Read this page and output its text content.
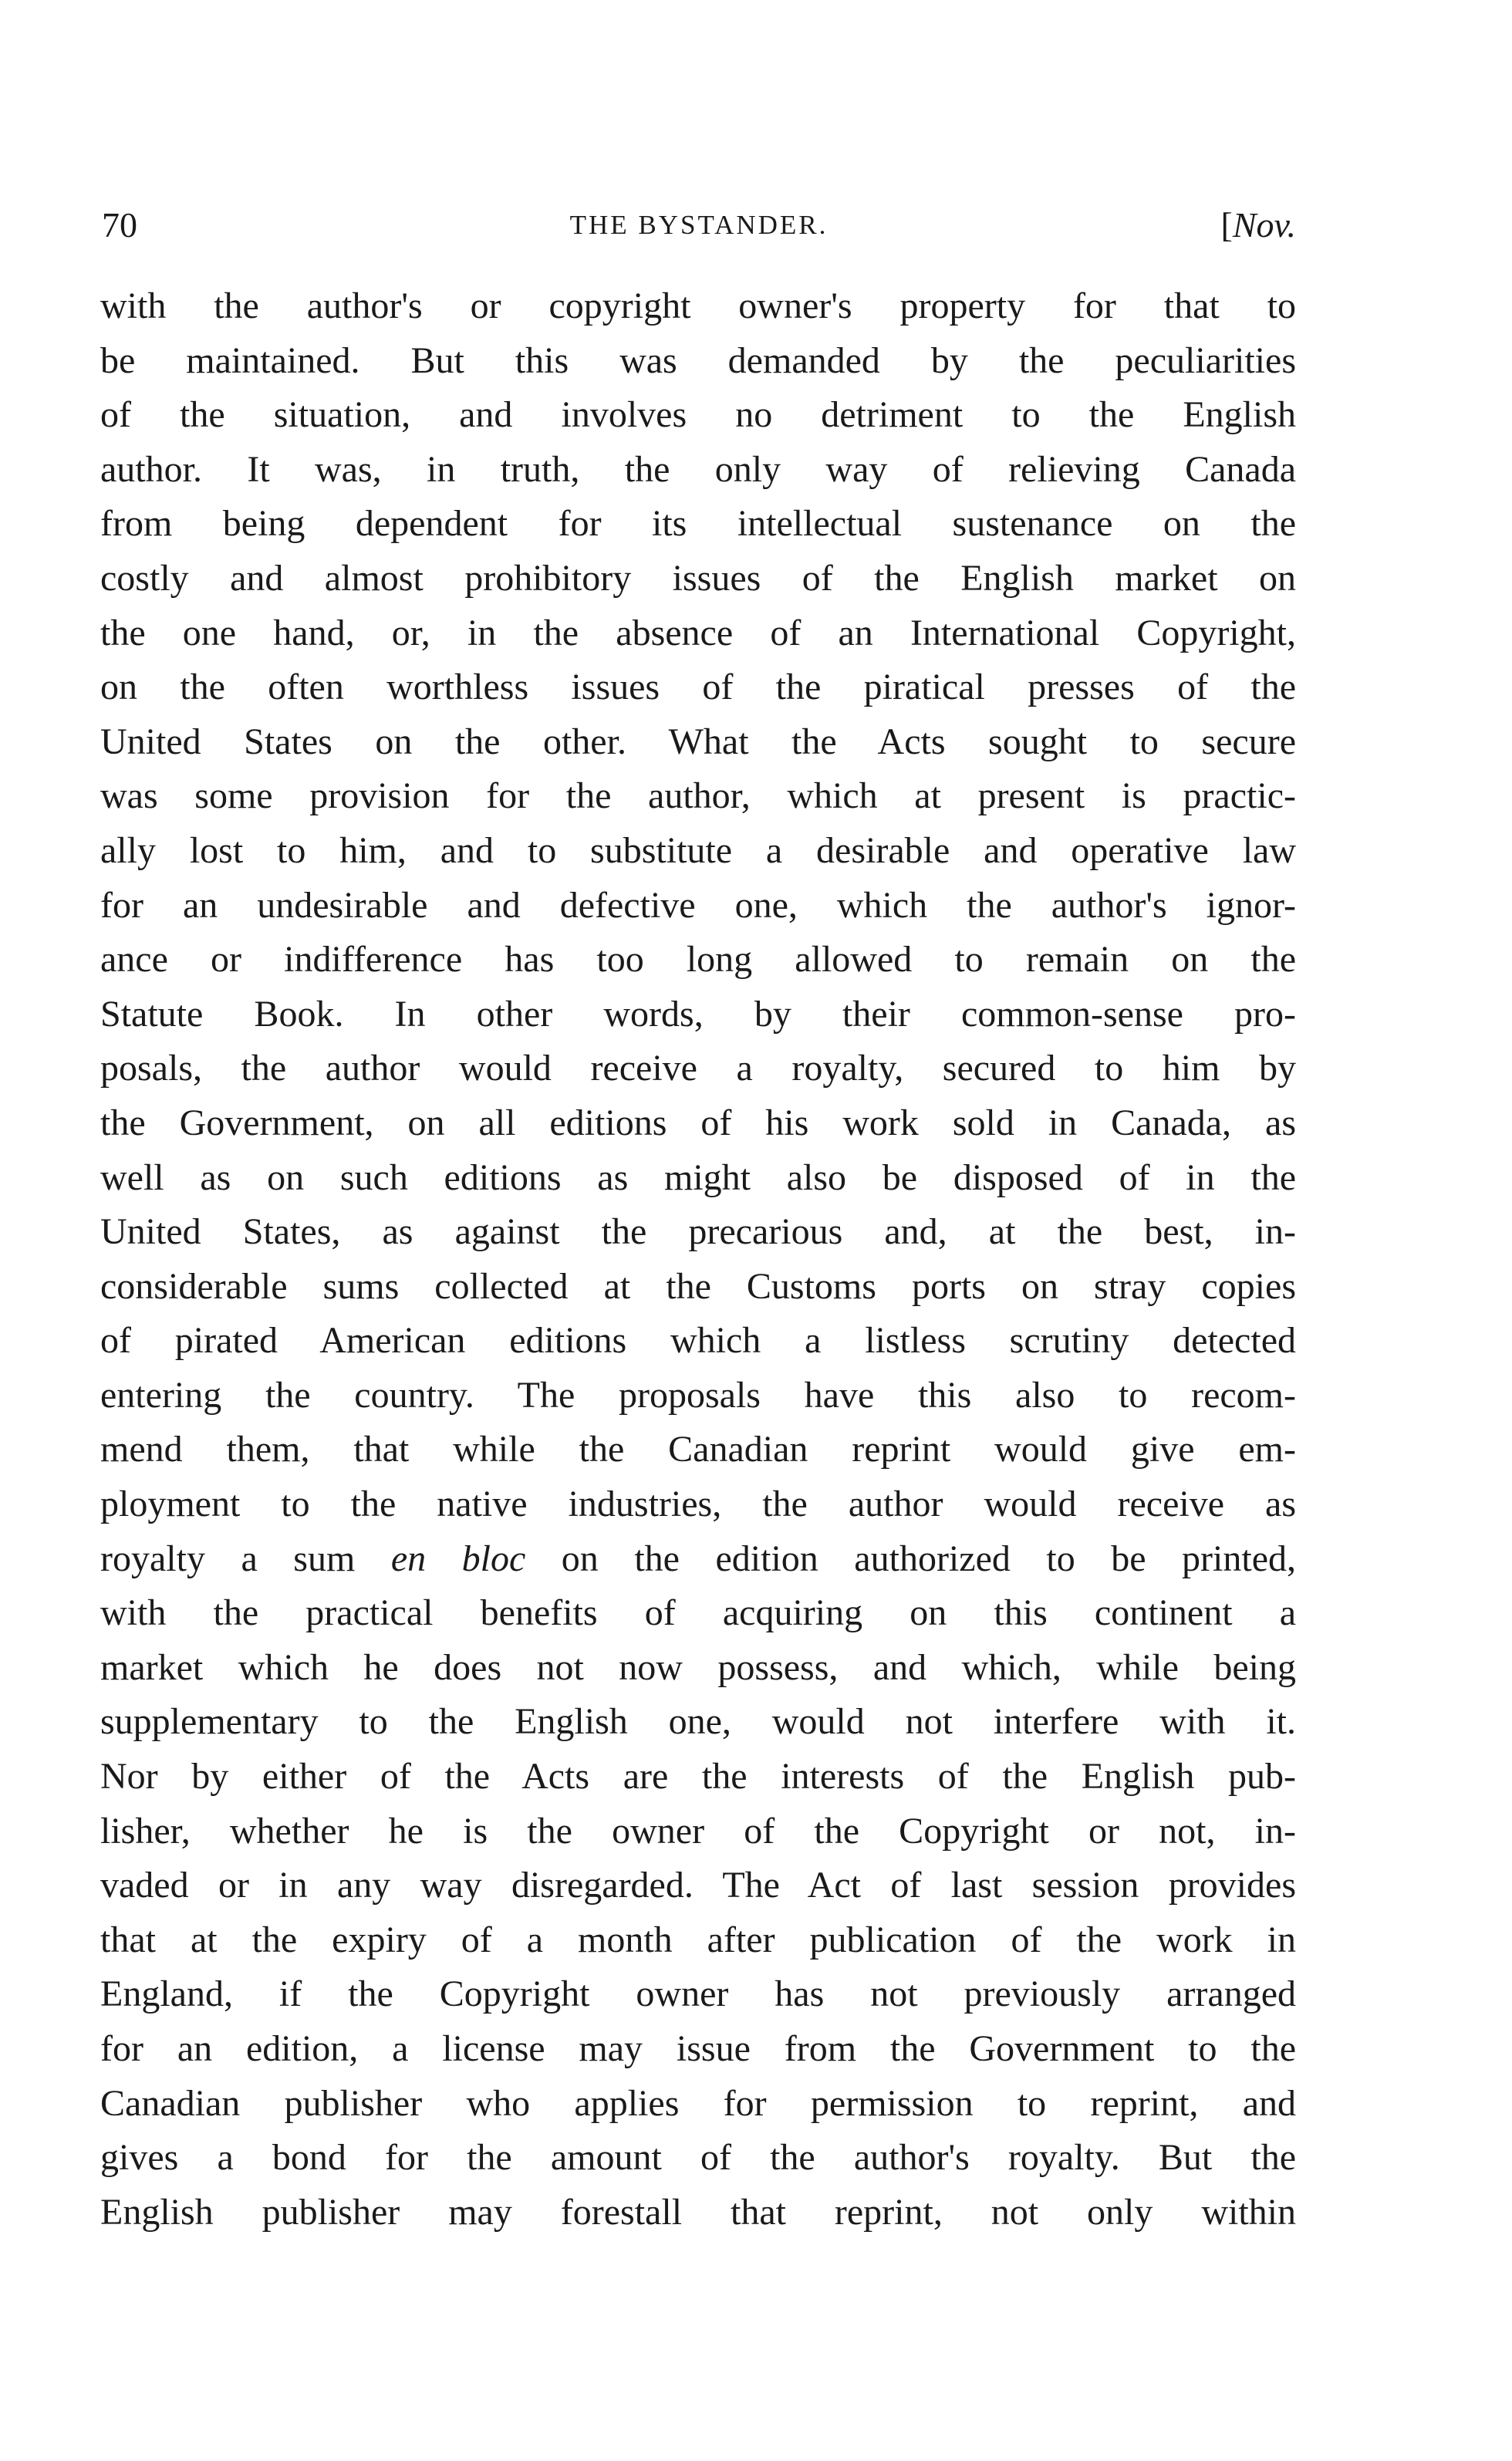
70	THE BYSTANDER.	[Nov.
with the author's or copyright owner's property for that to
be maintained. But this was demanded by the peculiarities
of the situation, and involves no detriment to the English
author. It was, in truth, the only way of relieving Canada
from being dependent for its intellectual sustenance on the
costly and almost prohibitory issues of the English market on
the one hand, or, in the absence of an International Copyright,
on the often worthless issues of the piratical presses of the
United States on the other. What the Acts sought to secure
was some provision for the author, which at present is practic-
ally lost to him, and to substitute a desirable and operative law
for an undesirable and defective one, which the author's ignor-
ance or indifference has too long allowed to remain on the
Statute Book. In other words, by their common-sense pro-
posals, the author would receive a royalty, secured to him by
the Government, on all editions of his work sold in Canada, as
well as on such editions as might also be disposed of in the
United States, as against the precarious and, at the best, in-
considerable sums collected at the Customs ports on stray copies
of pirated American editions which a listless scrutiny detected
entering the country. The proposals have this also to recom-
mend them, that while the Canadian reprint would give em-
ployment to the native industries, the author would receive as
royalty a sum en bloc on the edition authorized to be printed,
with the practical benefits of acquiring on this continent a
market which he does not now possess, and which, while being
supplementary to the English one, would not interfere with it.
Nor by either of the Acts are the interests of the English pub-
lisher, whether he is the owner of the Copyright or not, in-
vaded or in any way disregarded. The Act of last session provides
that at the expiry of a month after publication of the work in
England, if the Copyright owner has not previously arranged
for an edition, a license may issue from the Government to the
Canadian publisher who applies for permission to reprint, and
gives a bond for the amount of the author's royalty. But the
English publisher may forestall that reprint, not only within
